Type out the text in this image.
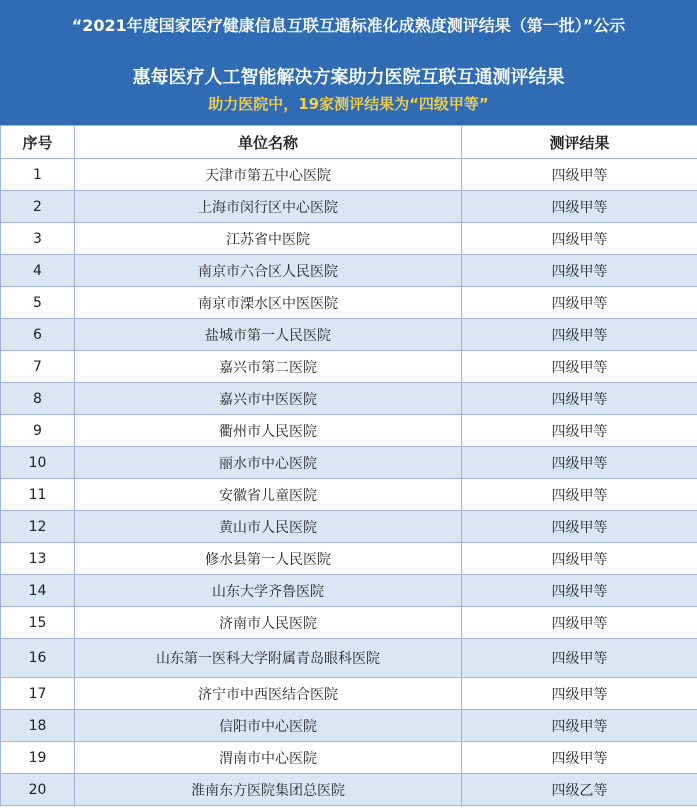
“2021年度国家医疗健康信息互联互通标准化成熟度测评结果（第一批）”公示
惠每医疗人工智能解决方案助力医院互联互通测评结果
助力医院中，19家测评结果为“四级甲等”
序号	单位名称	测评结果
1	天津市第五中心医院	四级甲等
2	上海市闵行区中心医院	四级甲等
3	江苏省中医院	四级甲等
4	南京市六合区人民医院	四级甲等
5	南京市溧水区中医医院	四级甲等
6	盐城市第一人民医院	四级甲等
7	嘉兴市第二医院	四级甲等
8	嘉兴市中医医院	四级甲等
9	衢州市人民医院	四级甲等
10	丽水市中心医院	四级甲等
11	安徽省儿童医院	四级甲等
12	黄山市人民医院	四级甲等
13	修水县第一人民医院	四级甲等
14	山东大学齐鲁医院	四级甲等
15	济南市人民医院	四级甲等
16	山东第一医科大学附属青岛眼科医院	四级甲等
17	济宁市中西医结合医院	四级甲等
18	信阳市中心医院	四级甲等
19	渭南市中心医院	四级甲等
20	淮南东方医院集团总医院	四级乙等
